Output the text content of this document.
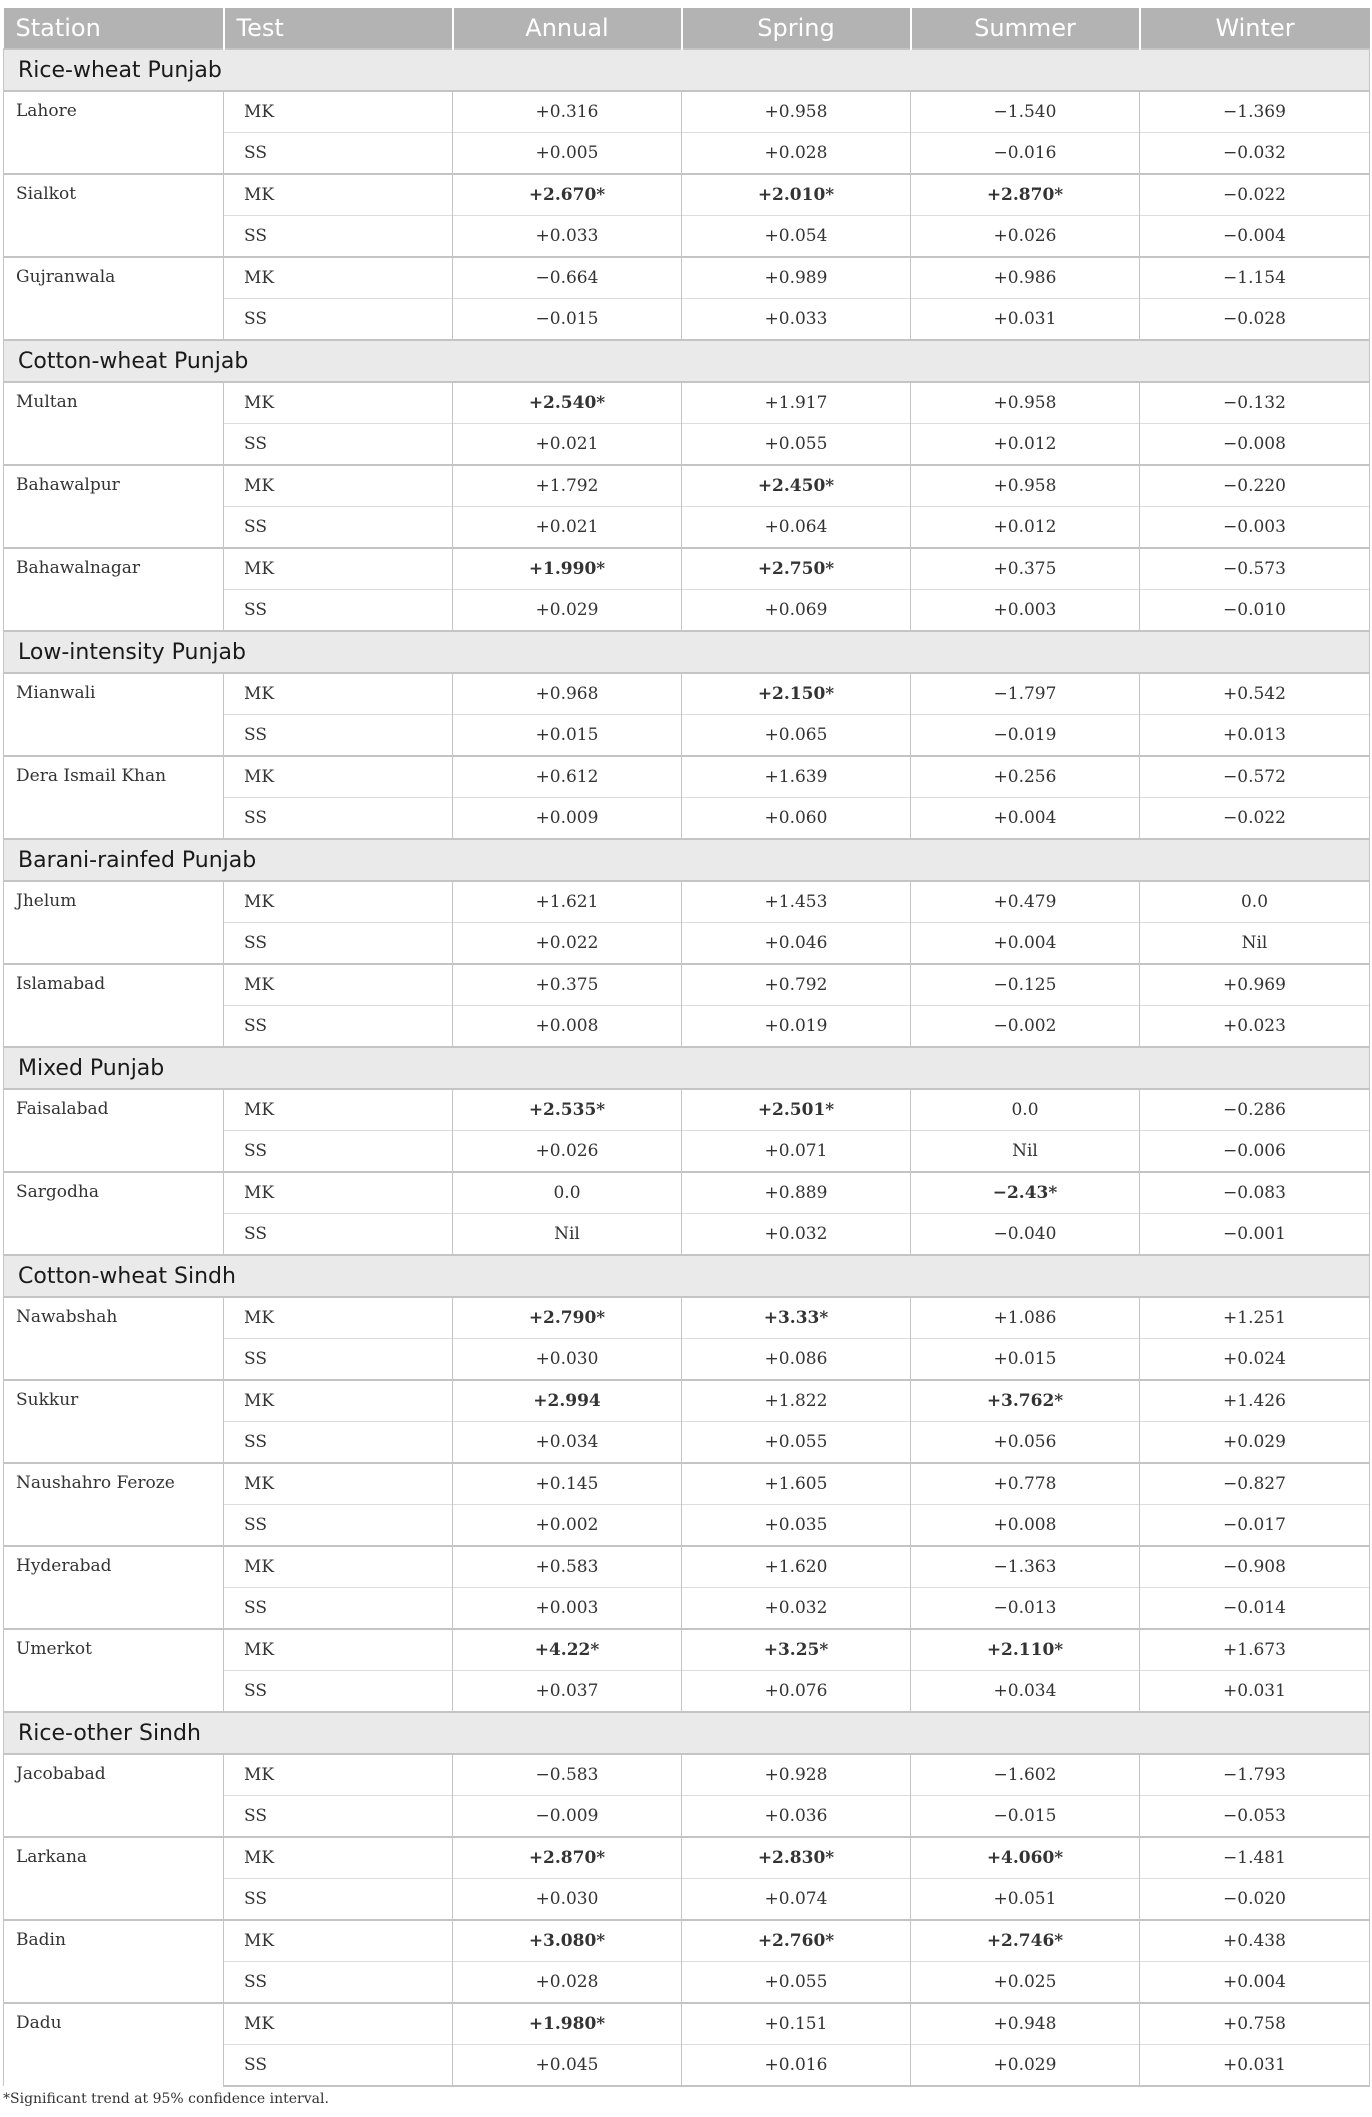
Station	Test	Annual	Spring	Summer	Winter
Rice-wheat Punjab					
Lahore	MK	+0.316	+0.958	−1.540	−1.369
	SS	+0.005	+0.028	−0.016	−0.032
Sialkot	MK	+2.670*	+2.010*	+2.870*	−0.022
	SS	+0.033	+0.054	+0.026	−0.004
Gujranwala	MK	−0.664	+0.989	+0.986	−1.154
	SS	−0.015	+0.033	+0.031	−0.028
Cotton-wheat Punjab					
Multan	MK	+2.540*	+1.917	+0.958	−0.132
	SS	+0.021	+0.055	+0.012	−0.008
Bahawalpur	MK	+1.792	+2.450*	+0.958	−0.220
	SS	+0.021	+0.064	+0.012	−0.003
Bahawalnagar	MK	+1.990*	+2.750*	+0.375	−0.573
	SS	+0.029	+0.069	+0.003	−0.010
Low-intensity Punjab					
Mianwali	MK	+0.968	+2.150*	−1.797	+0.542
	SS	+0.015	+0.065	−0.019	+0.013
Dera Ismail Khan	MK	+0.612	+1.639	+0.256	−0.572
	SS	+0.009	+0.060	+0.004	−0.022
Barani-rainfed Punjab					
Jhelum	MK	+1.621	+1.453	+0.479	0.0
	SS	+0.022	+0.046	+0.004	Nil
Islamabad	MK	+0.375	+0.792	−0.125	+0.969
	SS	+0.008	+0.019	−0.002	+0.023
Mixed Punjab					
Faisalabad	MK	+2.535*	+2.501*	0.0	−0.286
	SS	+0.026	+0.071	Nil	−0.006
Sargodha	MK	0.0	+0.889	−2.43*	−0.083
	SS	Nil	+0.032	−0.040	−0.001
Cotton-wheat Sindh					
Nawabshah	MK	+2.790*	+3.33*	+1.086	+1.251
	SS	+0.030	+0.086	+0.015	+0.024
Sukkur	MK	+2.994	+1.822	+3.762*	+1.426
	SS	+0.034	+0.055	+0.056	+0.029
Naushahro Feroze	MK	+0.145	+1.605	+0.778	−0.827
	SS	+0.002	+0.035	+0.008	−0.017
Hyderabad	MK	+0.583	+1.620	−1.363	−0.908
	SS	+0.003	+0.032	−0.013	−0.014
Umerkot	MK	+4.22*	+3.25*	+2.110*	+1.673
	SS	+0.037	+0.076	+0.034	+0.031
Rice-other Sindh					
Jacobabad	MK	−0.583	+0.928	−1.602	−1.793
	SS	−0.009	+0.036	−0.015	−0.053
Larkana	MK	+2.870*	+2.830*	+4.060*	−1.481
	SS	+0.030	+0.074	+0.051	−0.020
Badin	MK	+3.080*	+2.760*	+2.746*	+0.438
	SS	+0.028	+0.055	+0.025	+0.004
Dadu	MK	+1.980*	+0.151	+0.948	+0.758
	SS	+0.045	+0.016	+0.029	+0.031
*Significant trend at 95% confidence interval.
